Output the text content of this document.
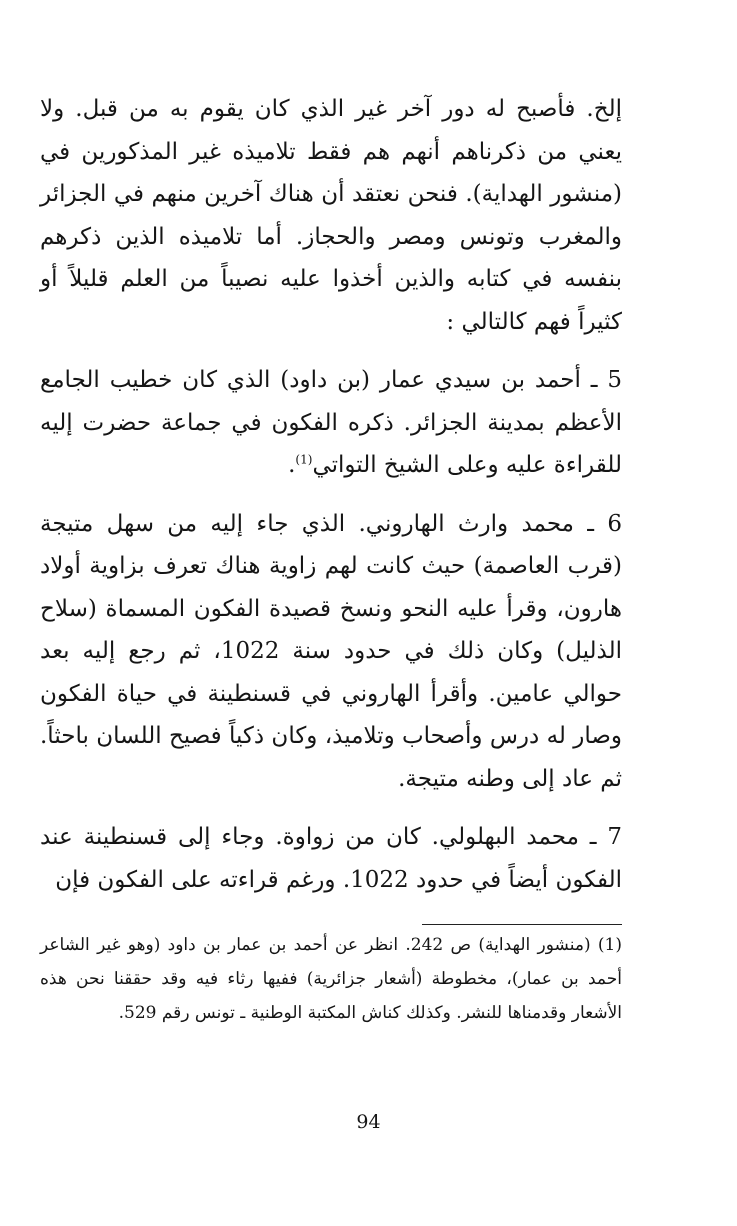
إلخ. فأصبح له دور آخر غير الذي كان يقوم به من قبل. ولا يعني من ذكرناهم أنهم هم فقط تلاميذه غير المذكورين في (منشور الهداية). فنحن نعتقد أن هناك آخرين منهم في الجزائر والمغرب وتونس ومصر والحجاز. أما تلاميذه الذين ذكرهم بنفسه في كتابه والذين أخذوا عليه نصيباً من العلم قليلاً أو كثيراً فهم كالتالي :

5 ـ أحمد بن سيدي عمار (بن داود) الذي كان خطيب الجامع الأعظم بمدينة الجزائر. ذكره الفكون في جماعة حضرت إليه للقراءة عليه وعلى الشيخ التواتي$^{(1)}$.

6 ـ محمد وارث الهاروني. الذي جاء إليه من سهل متيجة (قرب العاصمة) حيث كانت لهم زاوية هناك تعرف بزاوية أولاد هارون، وقرأ عليه النحو ونسخ قصيدة الفكون المسماة (سلاح الذليل) وكان ذلك في حدود سنة 1022، ثم رجع إليه بعد حوالي عامين. وأقرأ الهاروني في قسنطينة في حياة الفكون وصار له درس وأصحاب وتلاميذ، وكان ذكياً فصيح اللسان باحثاً. ثم عاد إلى وطنه متيجة.

7 ـ محمد البهلولي. كان من زواوة. وجاء إلى قسنطينة عند الفكون أيضاً في حدود 1022. ورغم قراءته على الفكون فإن

(1) (منشور الهداية) ص 242. انظر عن أحمد بن عمار بن داود (وهو غير الشاعر أحمد بن عمار)، مخطوطة (أشعار جزائرية) ففيها رثاء فيه وقد حققنا نحن هذه الأشعار وقدمناها للنشر. وكذلك كناش المكتبة الوطنية ـ تونس رقم 529.

94
